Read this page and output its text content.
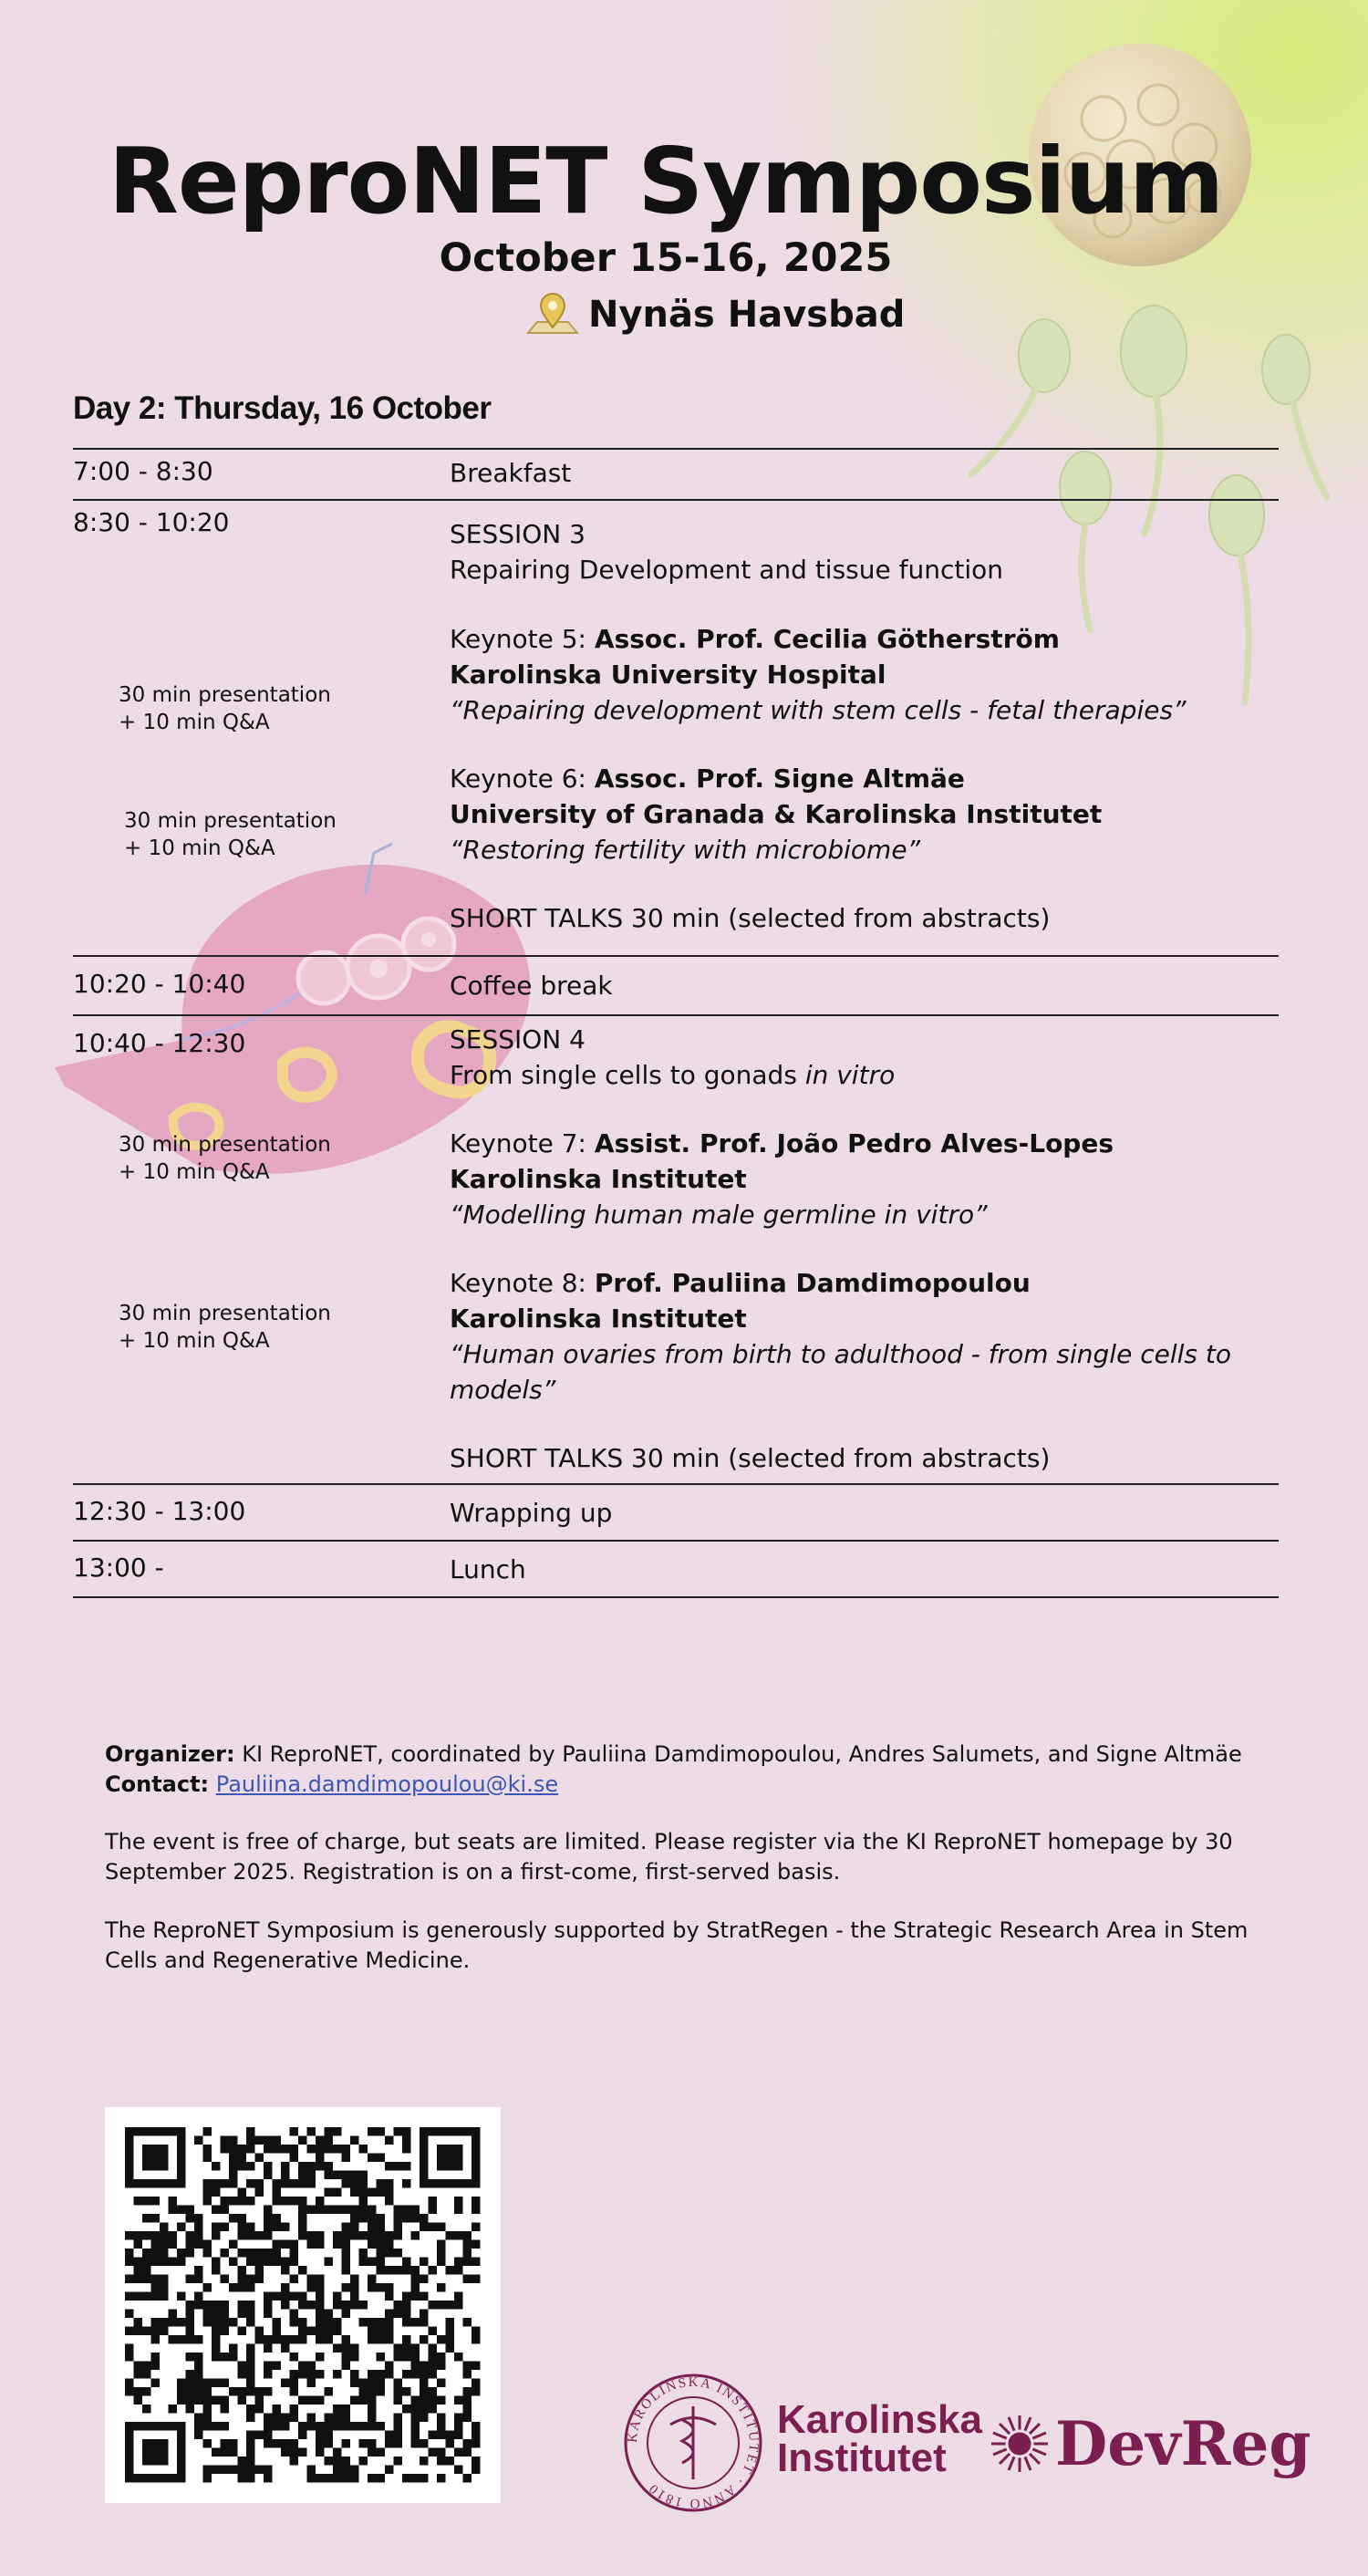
ReproNET Symposium
October 15-16, 2025
Nynäs Havsbad
Day 2: Thursday, 16 October
7:00 - 8:30	Breakfast
8:30 - 10:20	SESSION 3
Repairing Development and tissue function
Keynote 5: Assoc. Prof. Cecilia Götherström
Karolinska University Hospital
“Repairing development with stem cells - fetal therapies”
30 min presentation
+ 10 min Q&A
Keynote 6: Assoc. Prof. Signe Altmäe
University of Granada & Karolinska Institutet
“Restoring fertility with microbiome”
30 min presentation
+ 10 min Q&A
SHORT TALKS 30 min (selected from abstracts)
10:20 - 10:40	Coffee break
10:40 - 12:30	SESSION 4
From single cells to gonads in vitro
Keynote 7: Assist. Prof. João Pedro Alves-Lopes
Karolinska Institutet
“Modelling human male germline in vitro”
30 min presentation
+ 10 min Q&A
Keynote 8: Prof. Pauliina Damdimopoulou
Karolinska Institutet
“Human ovaries from birth to adulthood - from single cells to
models”
30 min presentation
+ 10 min Q&A
SHORT TALKS 30 min (selected from abstracts)
12:30 - 13:00	Wrapping up
13:00 -	Lunch
Organizer: KI ReproNET, coordinated by Pauliina Damdimopoulou, Andres Salumets, and Signe Altmäe
Contact: Pauliina.damdimopoulou@ki.se
The event is free of charge, but seats are limited. Please register via the KI ReproNET homepage by 30 September 2025. Registration is on a first-come, first-served basis.
The ReproNET Symposium is generously supported by StratRegen - the Strategic Research Area in Stem Cells and Regenerative Medicine.
KAROLINSKA INSTITUTET · ANNO 1810
Karolinska
Institutet	DevReg
